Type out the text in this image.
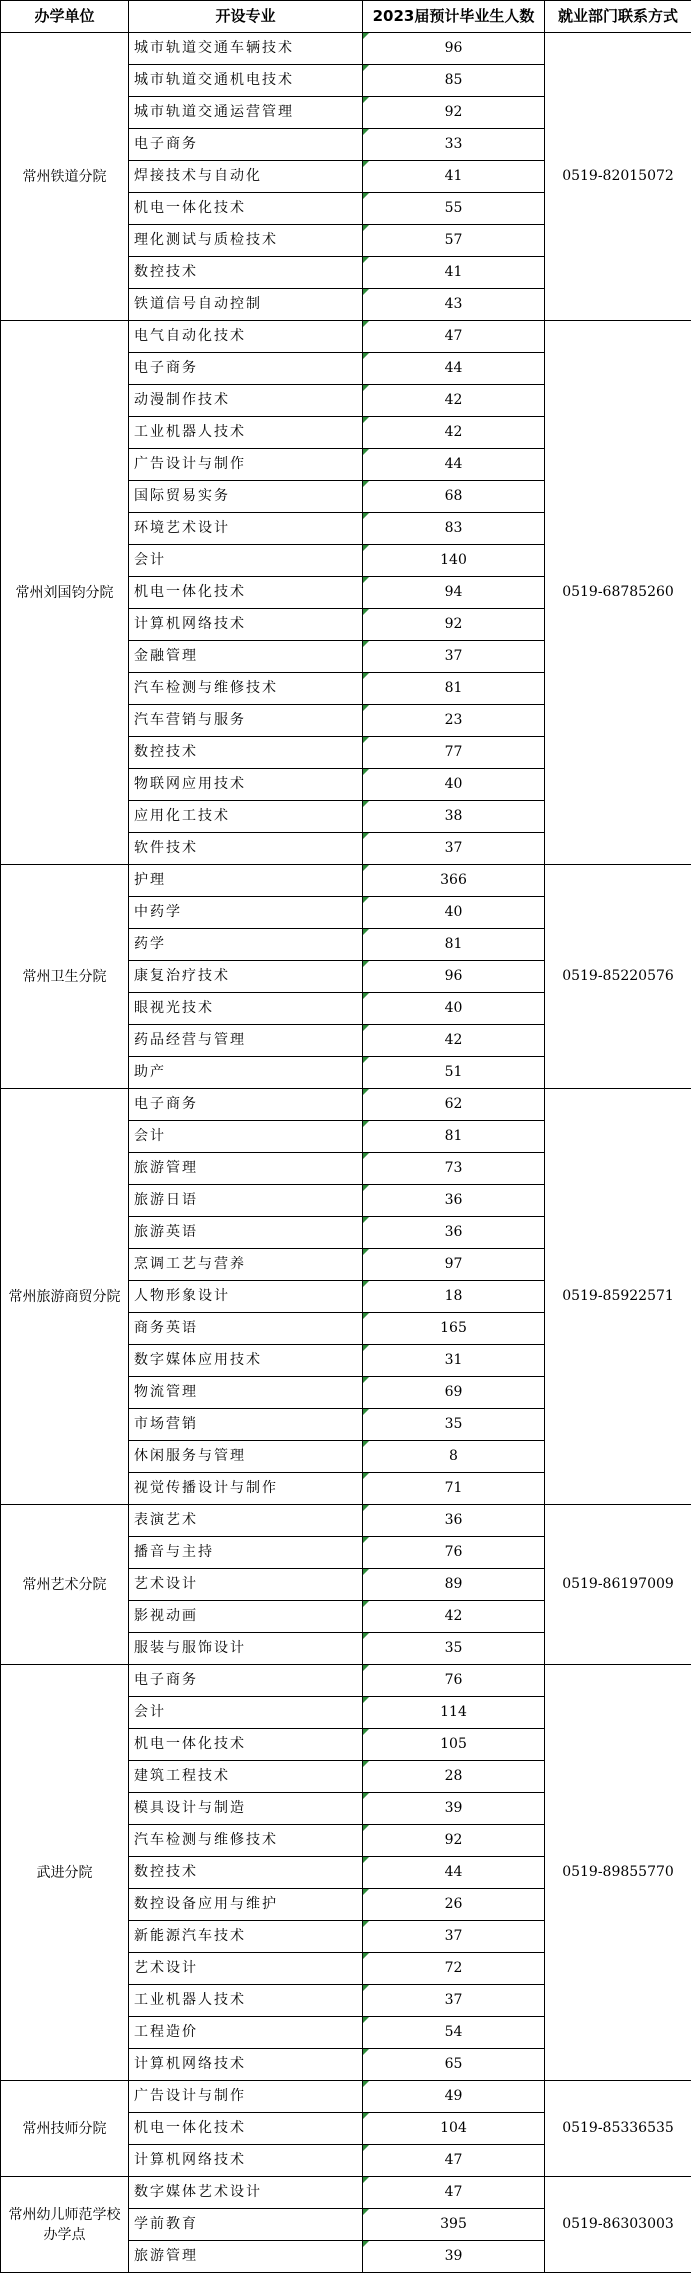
办学单位	开设专业	2023届预计毕业生人数	就业部门联系方式
常州铁道分院	城市轨道交通车辆技术	96	0519-82015072
	城市轨道交通机电技术	85	
	城市轨道交通运营管理	92	
	电子商务	33	
	焊接技术与自动化	41	
	机电一体化技术	55	
	理化测试与质检技术	57	
	数控技术	41	
	铁道信号自动控制	43	
常州刘国钧分院	电气自动化技术	47	0519-68785260
	电子商务	44	
	动漫制作技术	42	
	工业机器人技术	42	
	广告设计与制作	44	
	国际贸易实务	68	
	环境艺术设计	83	
	会计	140	
	机电一体化技术	94	
	计算机网络技术	92	
	金融管理	37	
	汽车检测与维修技术	81	
	汽车营销与服务	23	
	数控技术	77	
	物联网应用技术	40	
	应用化工技术	38	
	软件技术	37	
常州卫生分院	护理	366	0519-85220576
	中药学	40	
	药学	81	
	康复治疗技术	96	
	眼视光技术	40	
	药品经营与管理	42	
	助产	51	
常州旅游商贸分院	电子商务	62	0519-85922571
	会计	81	
	旅游管理	73	
	旅游日语	36	
	旅游英语	36	
	烹调工艺与营养	97	
	人物形象设计	18	
	商务英语	165	
	数字媒体应用技术	31	
	物流管理	69	
	市场营销	35	
	休闲服务与管理	8	
	视觉传播设计与制作	71	
常州艺术分院	表演艺术	36	0519-86197009
	播音与主持	76	
	艺术设计	89	
	影视动画	42	
	服装与服饰设计	35	
武进分院	电子商务	76	0519-89855770
	会计	114	
	机电一体化技术	105	
	建筑工程技术	28	
	模具设计与制造	39	
	汽车检测与维修技术	92	
	数控技术	44	
	数控设备应用与维护	26	
	新能源汽车技术	37	
	艺术设计	72	
	工业机器人技术	37	
	工程造价	54	
	计算机网络技术	65	
常州技师分院	广告设计与制作	49	0519-85336535
	机电一体化技术	104	
	计算机网络技术	47	
常州幼儿师范学校办学点	数字媒体艺术设计	47	0519-86303003
	学前教育	395	
	旅游管理	39	
